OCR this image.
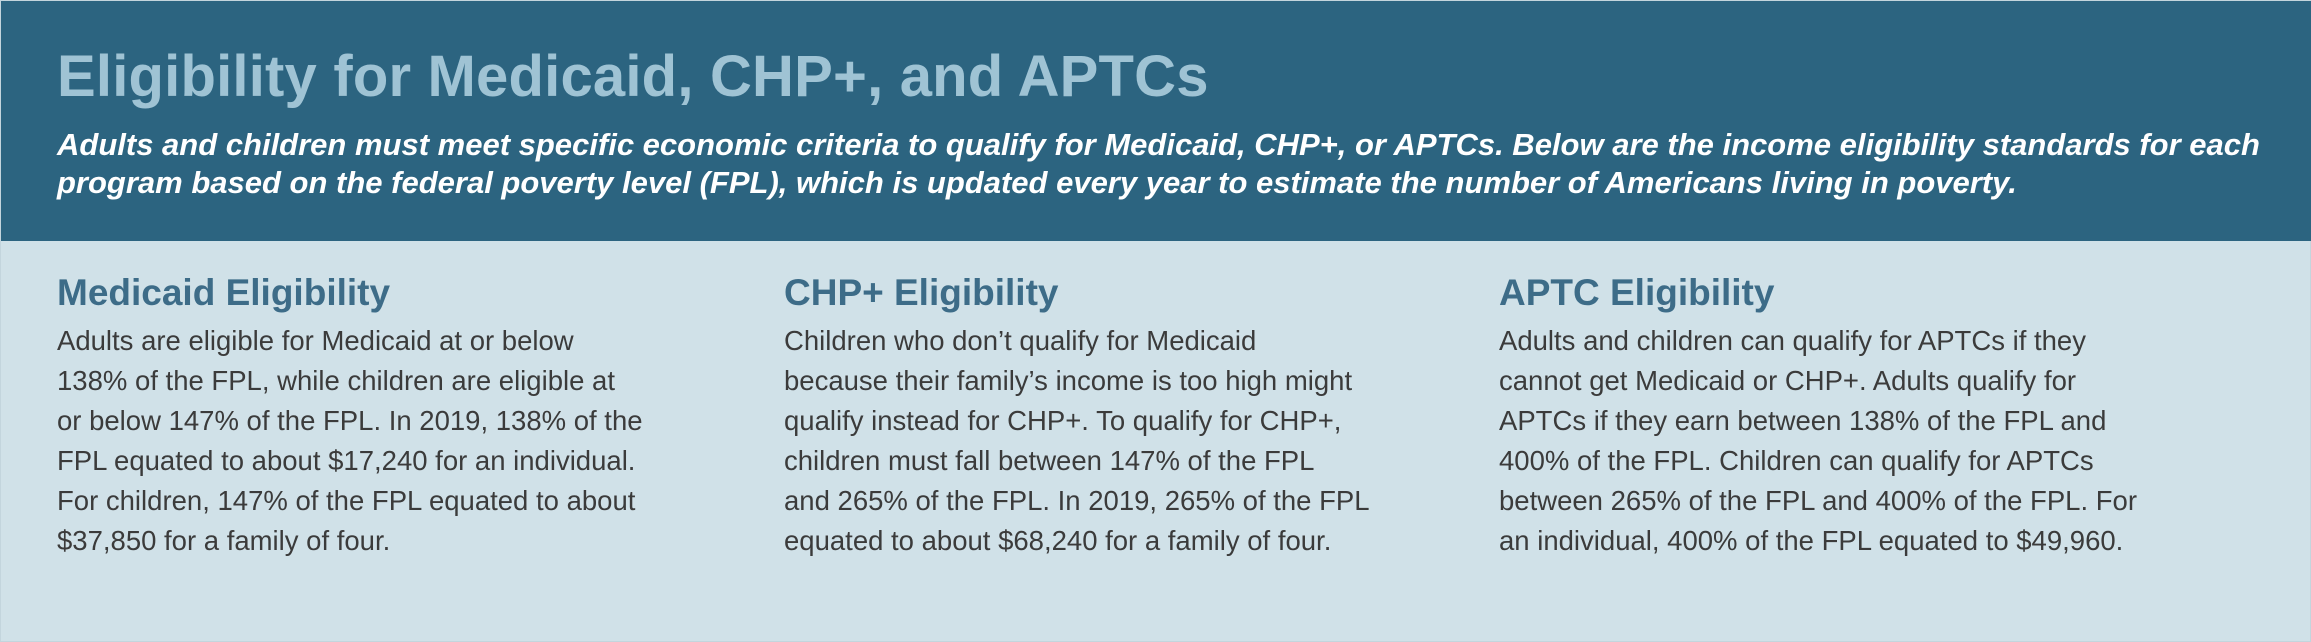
Eligibility for Medicaid, CHP+, and APTCs

Adults and children must meet specific economic criteria to qualify for Medicaid, CHP+, or APTCs. Below are the income eligibility standards for each program based on the federal poverty level (FPL), which is updated every year to estimate the number of Americans living in poverty.

Medicaid Eligibility
Adults are eligible for Medicaid at or below
138% of the FPL, while children are eligible at
or below 147% of the FPL. In 2019, 138% of the
FPL equated to about $17,240 for an individual.
For children, 147% of the FPL equated to about
$37,850 for a family of four.
CHP+ Eligibility
Children who don’t qualify for Medicaid
because their family’s income is too high might
qualify instead for CHP+. To qualify for CHP+,
children must fall between 147% of the FPL
and 265% of the FPL. In 2019, 265% of the FPL
equated to about $68,240 for a family of four.
APTC Eligibility
Adults and children can qualify for APTCs if they
cannot get Medicaid or CHP+. Adults qualify for
APTCs if they earn between 138% of the FPL and
400% of the FPL. Children can qualify for APTCs
between 265% of the FPL and 400% of the FPL. For
an individual, 400% of the FPL equated to $49,960.
